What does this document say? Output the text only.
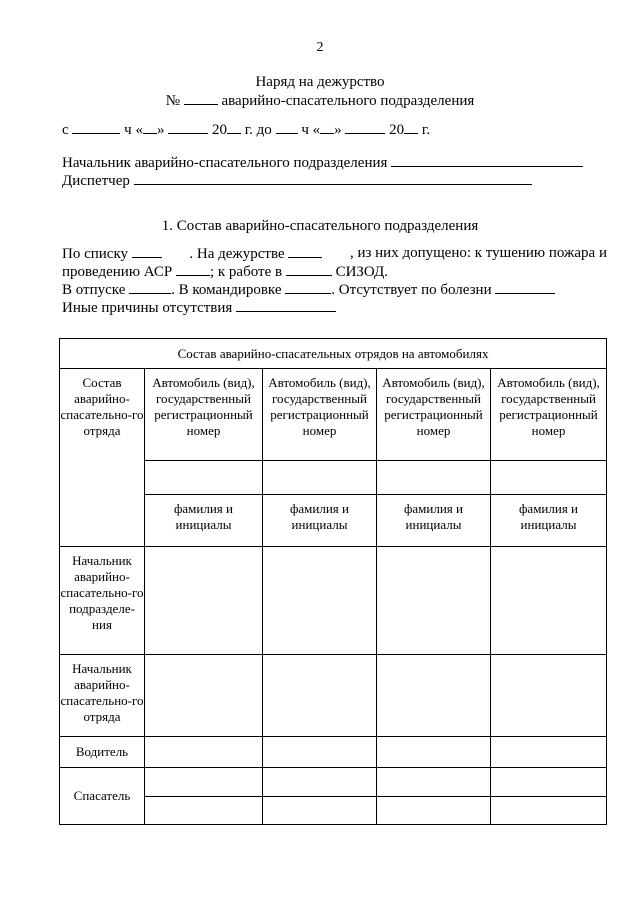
2
Наряд на дежурство
№	аварийно-спасательного подразделения
с	ч « »	20 г. до ч « »	20 г.
Начальник аварийно-спасательного подразделения
Диспетчер
1. Состав аварийно-спасательного подразделения
По списку	. На дежурстве	, из них допущено: к тушению пожара и
проведению АСР	; к работе в	СИЗОД.
В отпуске	. В командировке	. Отсутствует по болезни
Иные причины отсутствия
Состав аварийно-спасательных отрядов на автомобилях				
Состав аварийно-спасательно-го отряда	Автомобиль (вид), государственный регистрационный номер	Автомобиль (вид), государственный регистрационный номер	Автомобиль (вид), государственный регистрационный номер	Автомобиль (вид), государственный регистрационный номер

	фамилия и инициалы	фамилия и инициалы	фамилия и инициалы	фамилия и инициалы
Начальник аварийно-спасательно-го подразделе-ния				
Начальник аварийно-спасательно-го отряда				
Водитель				
Спасатель				
